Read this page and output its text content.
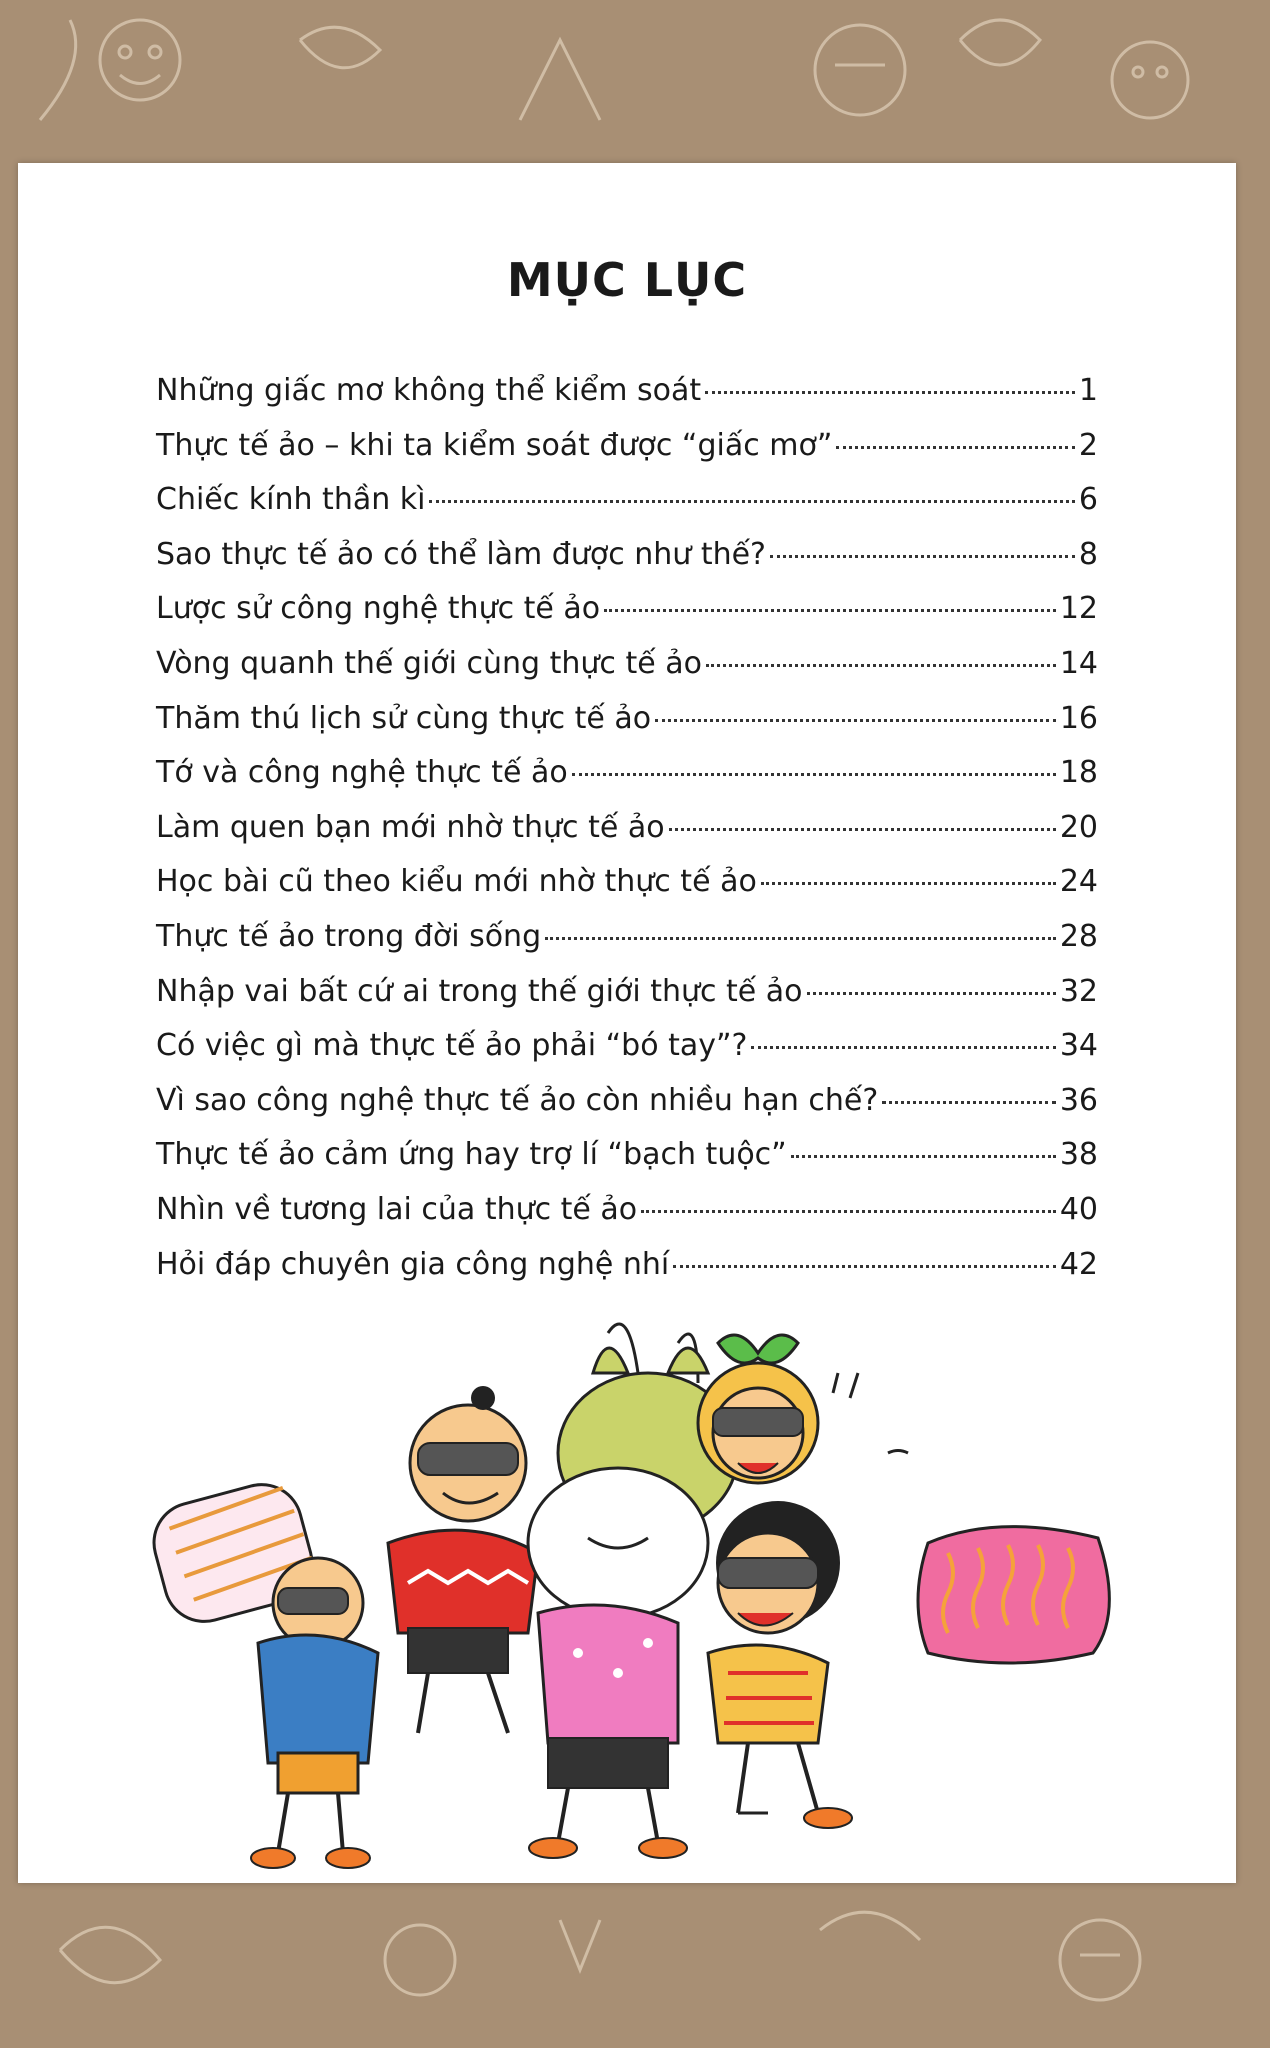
MỤC LỤC
Những giấc mơ không thể kiểm soát	1
Thực tế ảo – khi ta kiểm soát được “giấc mơ”	2
Chiếc kính thần kì	6
Sao thực tế ảo có thể làm được như thế?	8
Lược sử công nghệ thực tế ảo	12
Vòng quanh thế giới cùng thực tế ảo	14
Thăm thú lịch sử cùng thực tế ảo	16
Tớ và công nghệ thực tế ảo	18
Làm quen bạn mới nhờ thực tế ảo	20
Học bài cũ theo kiểu mới nhờ thực tế ảo	24
Thực tế ảo trong đời sống	28
Nhập vai bất cứ ai trong thế giới thực tế ảo	32
Có việc gì mà thực tế ảo phải “bó tay”?	34
Vì sao công nghệ thực tế ảo còn nhiều hạn chế?	36
Thực tế ảo cảm ứng hay trợ lí “bạch tuộc”	38
Nhìn về tương lai của thực tế ảo	40
Hỏi đáp chuyên gia công nghệ nhí	42
